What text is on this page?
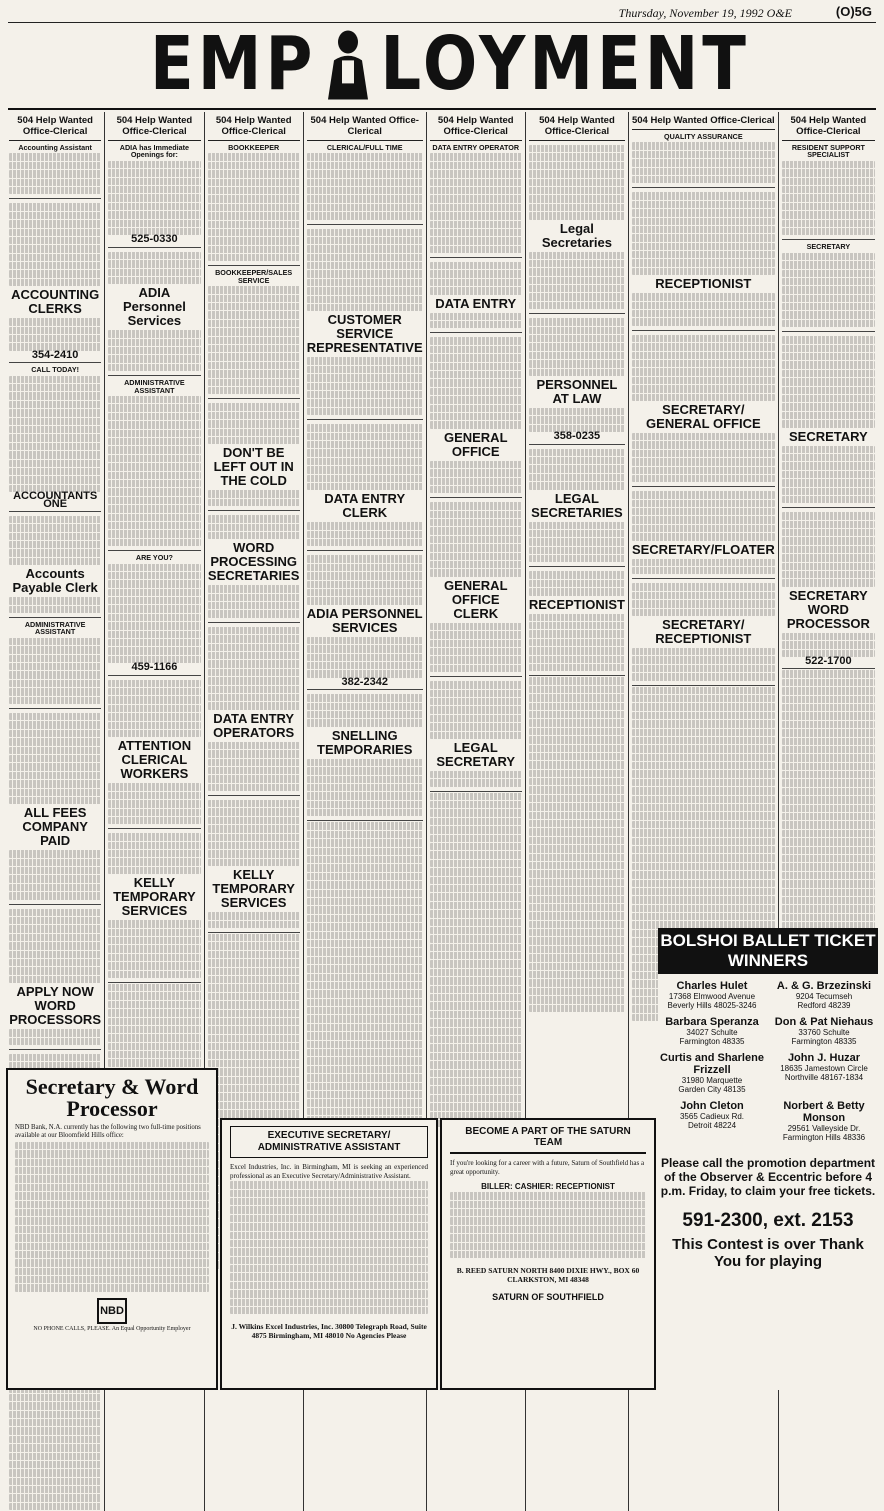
Thursday, November 19, 1992 O&E	(O)5G
EMP LOYMENT
504 Help Wanted Office-Clerical
Accounting Assistant
ACCOUNTING CLERKS
354-2410
CALL TODAY!
ACCOUNTANTS ONE
Accounts Payable Clerk
ADMINISTRATIVE ASSISTANT
ALL FEES COMPANY PAID
APPLY NOW WORD PROCESSORS
504 Help Wanted Office-Clerical
ADIA has Immediate Openings for:
525-0330
ADIA Personnel Services
ADMINISTRATIVE ASSISTANT
ARE YOU?
459-1166
ATTENTION CLERICAL WORKERS
KELLY TEMPORARY SERVICES
504 Help Wanted Office-Clerical
BOOKKEEPER
BOOKKEEPER/SALES SERVICE
DON'T BE LEFT OUT IN THE COLD
WORD PROCESSING SECRETARIES
DATA ENTRY OPERATORS
KELLY TEMPORARY SERVICES
504 Help Wanted Office-Clerical
CLERICAL/FULL TIME
CUSTOMER SERVICE REPRESENTATIVE
DATA ENTRY CLERK
ADIA PERSONNEL SERVICES
382-2342
SNELLING TEMPORARIES
504 Help Wanted Office-Clerical
DATA ENTRY OPERATOR
DATA ENTRY
GENERAL OFFICE
GENERAL OFFICE CLERK
LEGAL SECRETARY
504 Help Wanted Office-Clerical
Legal Secretaries
PERSONNEL AT LAW
358-0235
LEGAL SECRETARIES
RECEPTIONIST
504 Help Wanted Office-Clerical
QUALITY ASSURANCE
RECEPTIONIST
SECRETARY/ GENERAL OFFICE
SECRETARY/FLOATER
SECRETARY/ RECEPTIONIST
504 Help Wanted Office-Clerical
RESIDENT SUPPORT SPECIALIST
SECRETARY
SECRETARY
SECRETARY WORD PROCESSOR
522-1700
Secretary & Word Processor

NBD Bank, N.A. currently has the following two full-time positions available at our Bloomfield Hills office:

NBD
NO PHONE CALLS, PLEASE. An Equal Opportunity Employer
EXECUTIVE SECRETARY/ ADMINISTRATIVE ASSISTANT

Excel Industries, Inc. in Birmingham, MI is seeking an experienced professional as an Executive Secretary/Administrative Assistant.

J. Wilkins Excel Industries, Inc. 30800 Telegraph Road, Suite 4875 Birmingham, MI 48010 No Agencies Please
BECOME A PART OF THE SATURN TEAM

If you're looking for a career with a future, Saturn of Southfield has a great opportunity.

BILLER: CASHIER: RECEPTIONIST
B. REED SATURN NORTH 8400 DIXIE HWY., BOX 60 CLARKSTON, MI 48348
SATURN OF SOUTHFIELD
BOLSHOI BALLET TICKET WINNERS
Charles Hulet
17368 Elmwood Avenue
Beverly Hills 48025-3246
A. & G. Brzezinski
9204 Tecumseh
Redford 48239
Barbara Speranza
34027 Schulte
Farmington 48335
Don & Pat Niehaus
33760 Schulte
Farmington 48335
Curtis and Sharlene Frizzell
31980 Marquette
Garden City 48135
John J. Huzar
18635 Jamestown Circle
Northville 48167-1834
John Cleton
3565 Cadieux Rd.
Detroit 48224
Norbert & Betty Monson
29561 Valleyside Dr.
Farmington Hills 48336
Please call the promotion department of the Observer & Eccentric before 4 p.m. Friday, to claim your free tickets.
591-2300, ext. 2153
This Contest is over Thank You for playing
